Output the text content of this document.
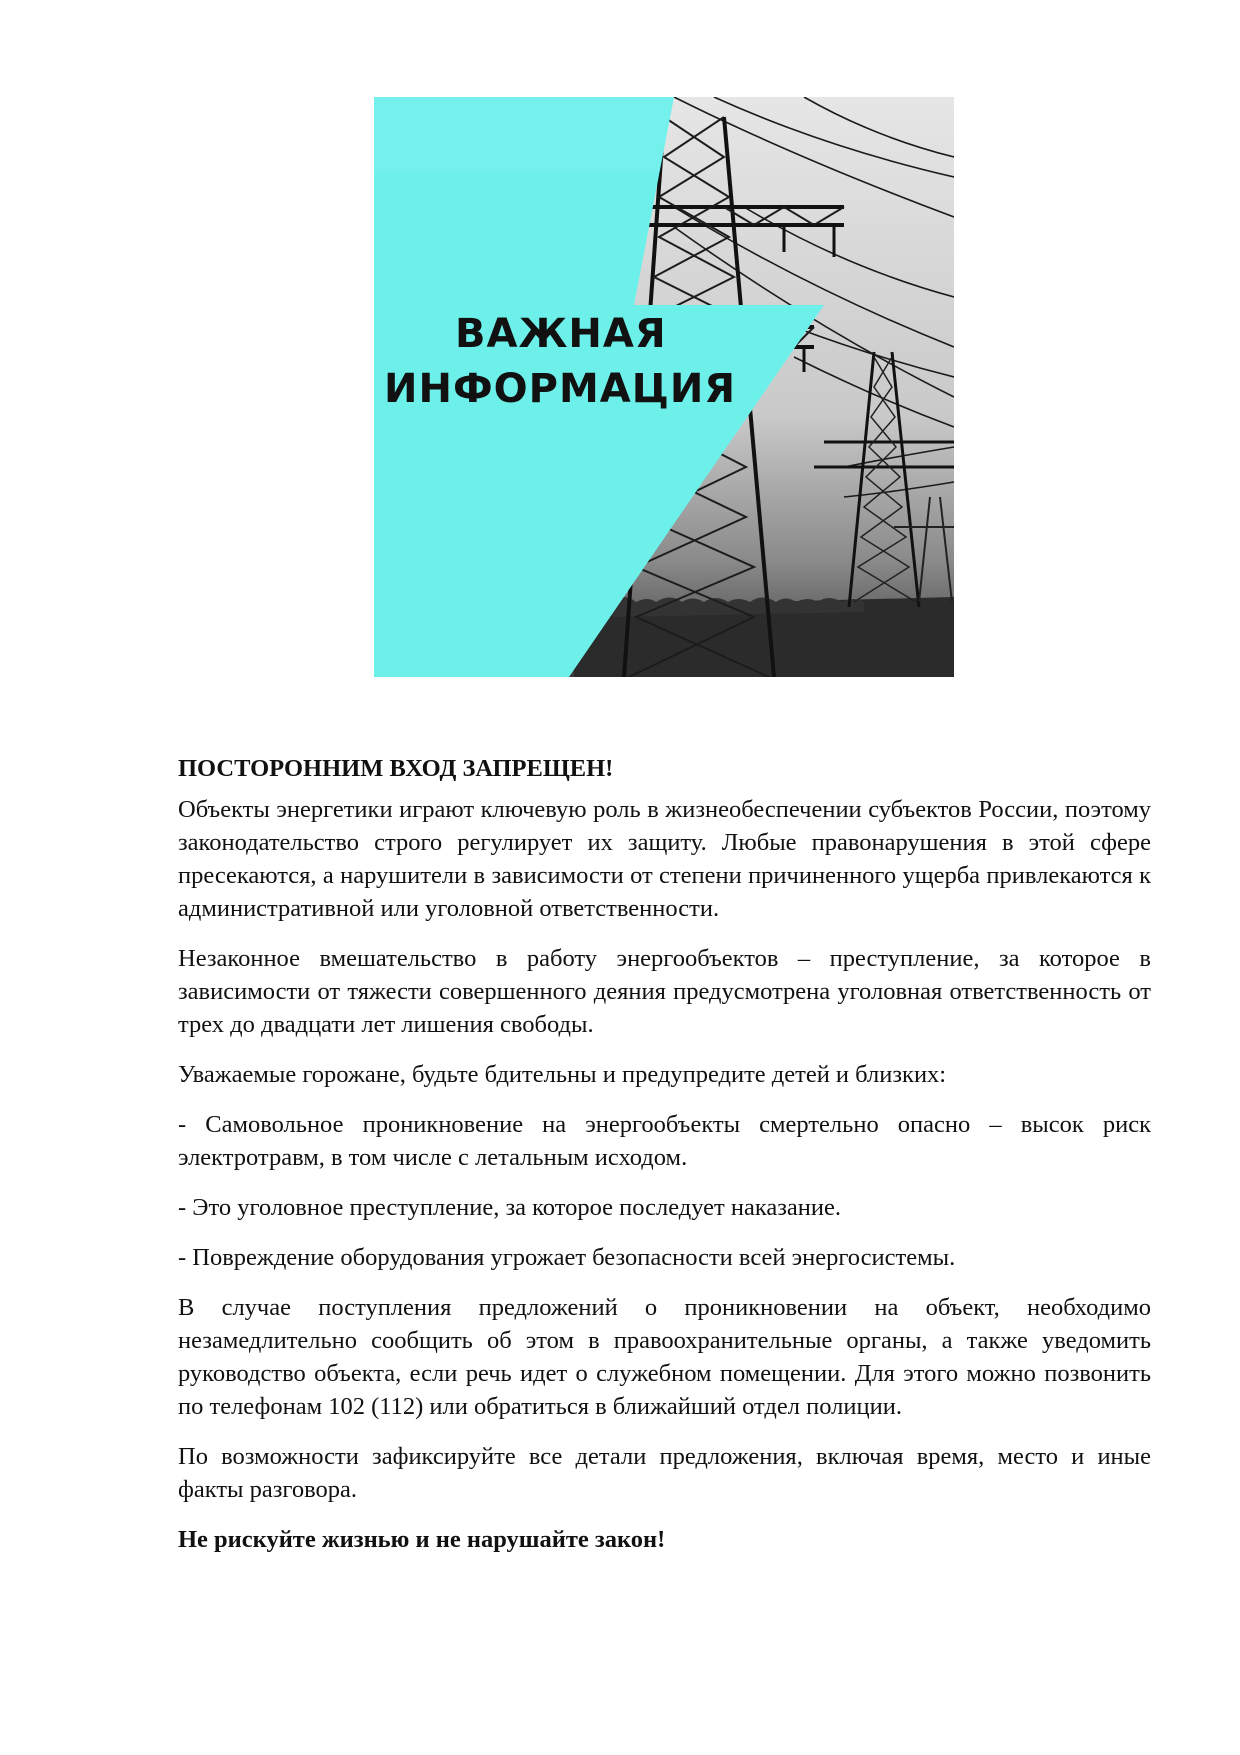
ВАЖНАЯ
ИНФОРМАЦИЯ

ПОСТОРОННИМ ВХОД ЗАПРЕЩЕН!

Объекты энергетики играют ключевую роль в жизнеобеспечении субъектов России, поэтому законодательство строго регулирует их защиту. Любые правонарушения в этой сфере пресекаются, а нарушители в зависимости от степени причиненного ущерба привлекаются к административной или уголовной ответственности.

Незаконное вмешательство в работу энергообъектов – преступление, за которое в зависимости от тяжести совершенного деяния предусмотрена уголовная ответственность от трех до двадцати лет лишения свободы.

Уважаемые горожане, будьте бдительны и предупредите детей и близких:

- Самовольное проникновение на энергообъекты смертельно опасно – высок риск электротравм, в том числе с летальным исходом.

- Это уголовное преступление, за которое последует наказание.

- Повреждение оборудования угрожает безопасности всей энергосистемы.

В случае поступления предложений о проникновении на объект, необходимо незамедлительно сообщить об этом в правоохранительные органы, а также уведомить руководство объекта, если речь идет о служебном помещении. Для этого можно позвонить по телефонам 102 (112) или обратиться в ближайший отдел полиции.

По возможности зафиксируйте все детали предложения, включая время, место и иные факты разговора.

Не рискуйте жизнью и не нарушайте закон!
